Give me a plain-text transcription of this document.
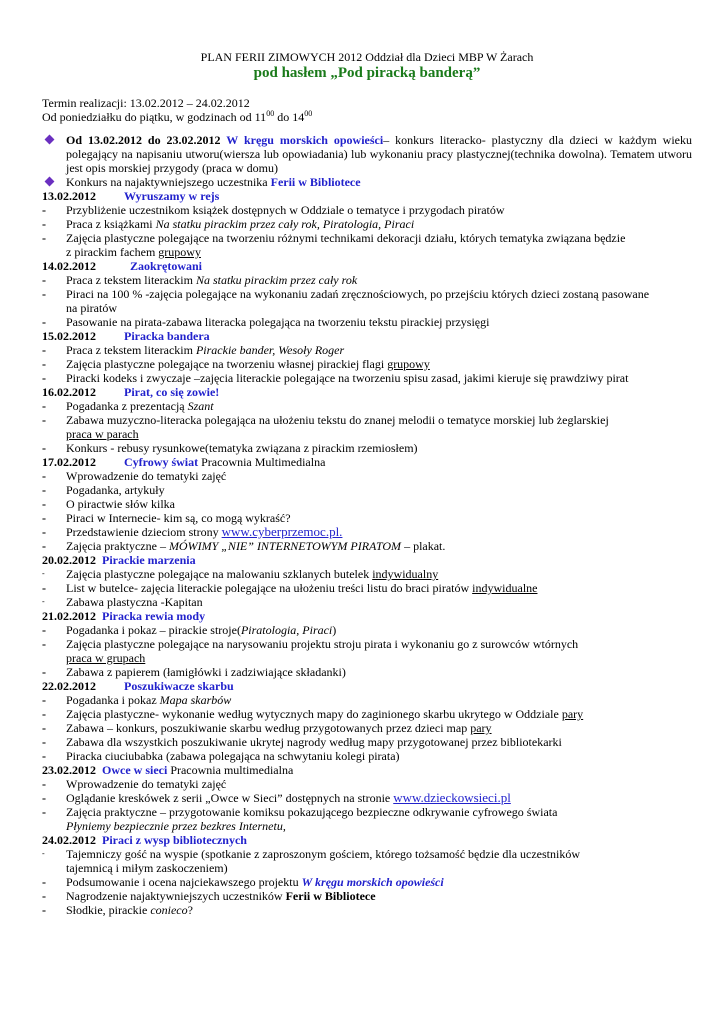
PLAN FERII ZIMOWYCH 2012 Oddział dla Dzieci MBP W Żarach
pod hasłem „Pod piracką banderą”
Termin realizacji: 13.02.2012 – 24.02.2012
Od poniedziałku do piątku, w godzinach od $11^{00}$ do $14^{00}$
Od 13.02.2012 do 23.02.2012 W kręgu morskich opowieści– konkurs literacko- plastyczny dla dzieci w każdym wieku polegający na napisaniu utworu(wiersza lub opowiadania) lub wykonaniu pracy plastycznej(technika dowolna). Tematem utworu jest opis morskiej przygody (praca w domu)
Konkurs na najaktywniejszego uczestnika Ferii w Bibliotece
13.02.2012 Wyruszamy w rejs
-	Przybliżenie uczestnikom książek dostępnych w Oddziale o tematyce i przygodach piratów
-	Praca z książkami Na statku pirackim przez cały rok, Piratologia, Piraci
-	Zajęcia plastyczne polegające na tworzeniu różnymi technikami dekoracji działu, których tematyka związana będzie
z pirackim fachem grupowy
14.02.2012	Zaokrętowani
-	Praca z tekstem literackim Na statku pirackim przez cały rok
-	Piraci na 100 % -zajęcia polegające na wykonaniu zadań zręcznościowych, po przejściu których dzieci zostaną pasowane
na piratów
-	Pasowanie na pirata-zabawa literacka polegająca na tworzeniu tekstu pirackiej przysięgi
15.02.2012 Piracka bandera
-	Praca z tekstem literackim Pirackie bander, Wesoły Roger
-	Zajęcia plastyczne polegające na tworzeniu własnej pirackiej flagi grupowy
-	Piracki kodeks i zwyczaje –zajęcia literackie polegające na tworzeniu spisu zasad, jakimi kieruje się prawdziwy pirat
16.02.2012 Pirat, co się zowie!
-	Pogadanka z prezentacją Szant
-	Zabawa muzyczno-literacka polegająca na ułożeniu tekstu do znanej melodii o tematyce morskiej lub żeglarskiej
praca w parach
-	Konkurs - rebusy rysunkowe(tematyka związana z pirackim rzemiosłem)
17.02.2012 Cyfrowy świat Pracownia Multimedialna
-	Wprowadzenie do tematyki zajęć
-	Pogadanka, artykuły
-	O piractwie słów kilka
-	Piraci w Internecie- kim są, co mogą wykraść?
-	Przedstawienie dzieciom strony www.cyberprzemoc.pl.
-	Zajęcia praktyczne – MÓWIMY „NIE” INTERNETOWYM PIRATOM – plakat.
20.02.2012 Pirackie marzenia
-	Zajęcia plastyczne polegające na malowaniu szklanych butelek indywidualny
-	List w butelce- zajęcia literackie polegające na ułożeniu treści listu do braci piratów indywidualne
-	Zabawa plastyczna -Kapitan
21.02.2012 Piracka rewia mody
-	Pogadanka i pokaz – pirackie stroje(Piratologia, Piraci)
-	Zajęcia plastyczne polegające na narysowaniu projektu stroju pirata i wykonaniu go z surowców wtórnych
praca w grupach
-	Zabawa z papierem (łamigłówki i zadziwiające składanki)
22.02.2012 Poszukiwacze skarbu
-	Pogadanka i pokaz Mapa skarbów
-	Zajęcia plastyczne- wykonanie według wytycznych mapy do zaginionego skarbu ukrytego w Oddziale pary
-	Zabawa – konkurs, poszukiwanie skarbu według przygotowanych przez dzieci map pary
-	Zabawa dla wszystkich poszukiwanie ukrytej nagrody według mapy przygotowanej przez bibliotekarki
-	Piracka ciuciubabka (zabawa polegająca na schwytaniu kolegi pirata)
23.02.2012 Owce w sieci Pracownia multimedialna
-	Wprowadzenie do tematyki zajęć
-	Oglądanie kreskówek z serii „Owce w Sieci” dostępnych na stronie www.dzieckowsieci.pl
-	Zajęcia praktyczne – przygotowanie komiksu pokazującego bezpieczne odkrywanie cyfrowego świata
Płyniemy bezpiecznie przez bezkres Internetu,
24.02.2012 Piraci z wysp bibliotecznych
-	Tajemniczy gość na wyspie (spotkanie z zaproszonym gościem, którego tożsamość będzie dla uczestników
tajemnicą i miłym zaskoczeniem)
-	Podsumowanie i ocena najciekawszego projektu W kręgu morskich opowieści
-	Nagrodzenie najaktywniejszych uczestników Ferii w Bibliotece
-	Słodkie, pirackie conieco?
